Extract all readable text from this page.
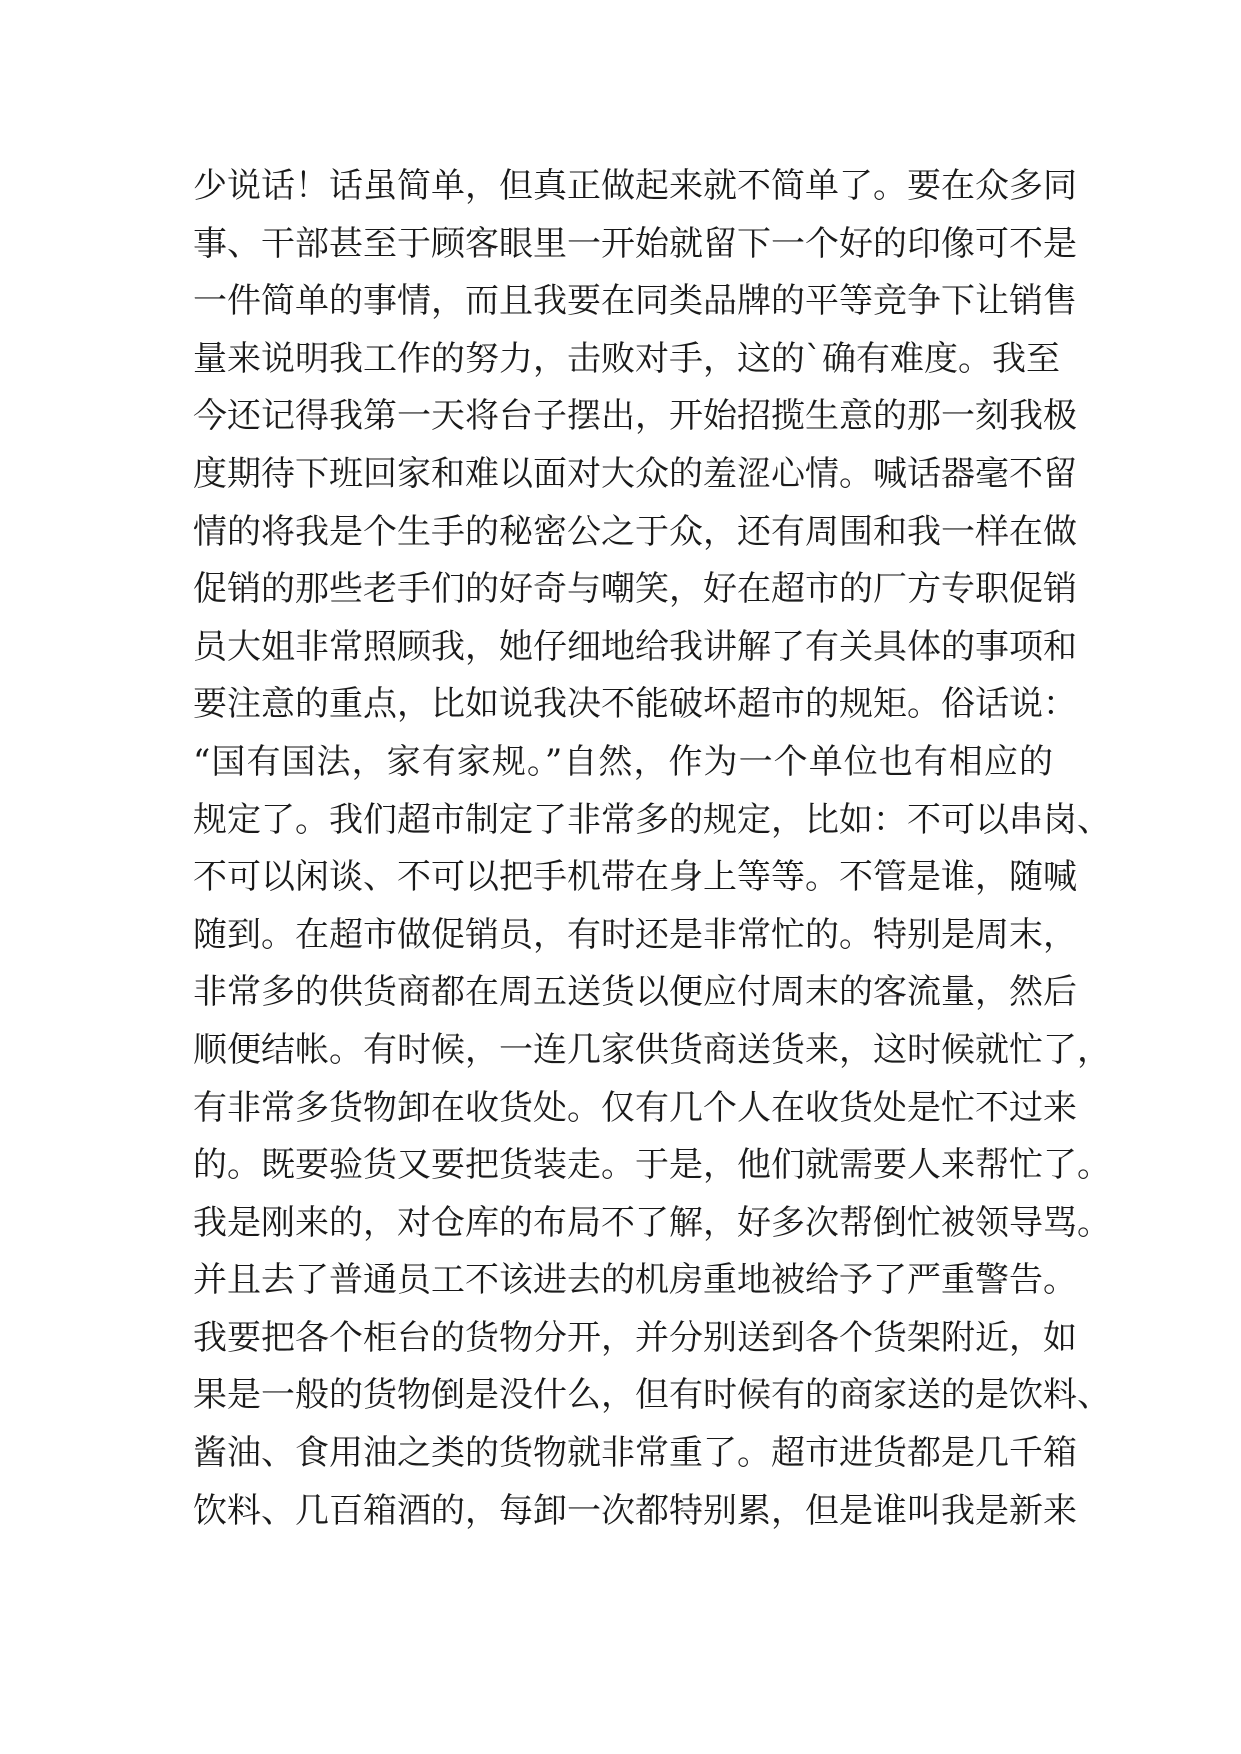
少说话！话虽简单，但真正做起来就不简单了。要在众多同
事、干部甚至于顾客眼里一开始就留下一个好的印像可不是
一件简单的事情，而且我要在同类品牌的平等竞争下让销售
量来说明我工作的努力，击败对手，这的`确有难度。我至
今还记得我第一天将台子摆出，开始招揽生意的那一刻我极
度期待下班回家和难以面对大众的羞涩心情。喊话器毫不留
情的将我是个生手的秘密公之于众，还有周围和我一样在做
促销的那些老手们的好奇与嘲笑，好在超市的厂方专职促销
员大姐非常照顾我，她仔细地给我讲解了有关具体的事项和
要注意的重点，比如说我决不能破坏超市的规矩。俗话说：
“国有国法，家有家规。”自然，作为一个单位也有相应的
规定了。我们超市制定了非常多的规定，比如：不可以串岗、
不可以闲谈、不可以把手机带在身上等等。不管是谁，随喊
随到。在超市做促销员，有时还是非常忙的。特别是周末，
非常多的供货商都在周五送货以便应付周末的客流量，然后
顺便结帐。有时候，一连几家供货商送货来，这时候就忙了，
有非常多货物卸在收货处。仅有几个人在收货处是忙不过来
的。既要验货又要把货装走。于是，他们就需要人来帮忙了。
我是刚来的，对仓库的布局不了解，好多次帮倒忙被领导骂。
并且去了普通员工不该进去的机房重地被给予了严重警告。
我要把各个柜台的货物分开，并分别送到各个货架附近，如
果是一般的货物倒是没什么，但有时候有的商家送的是饮料、
酱油、食用油之类的货物就非常重了。超市进货都是几千箱
饮料、几百箱酒的，每卸一次都特别累，但是谁叫我是新来
